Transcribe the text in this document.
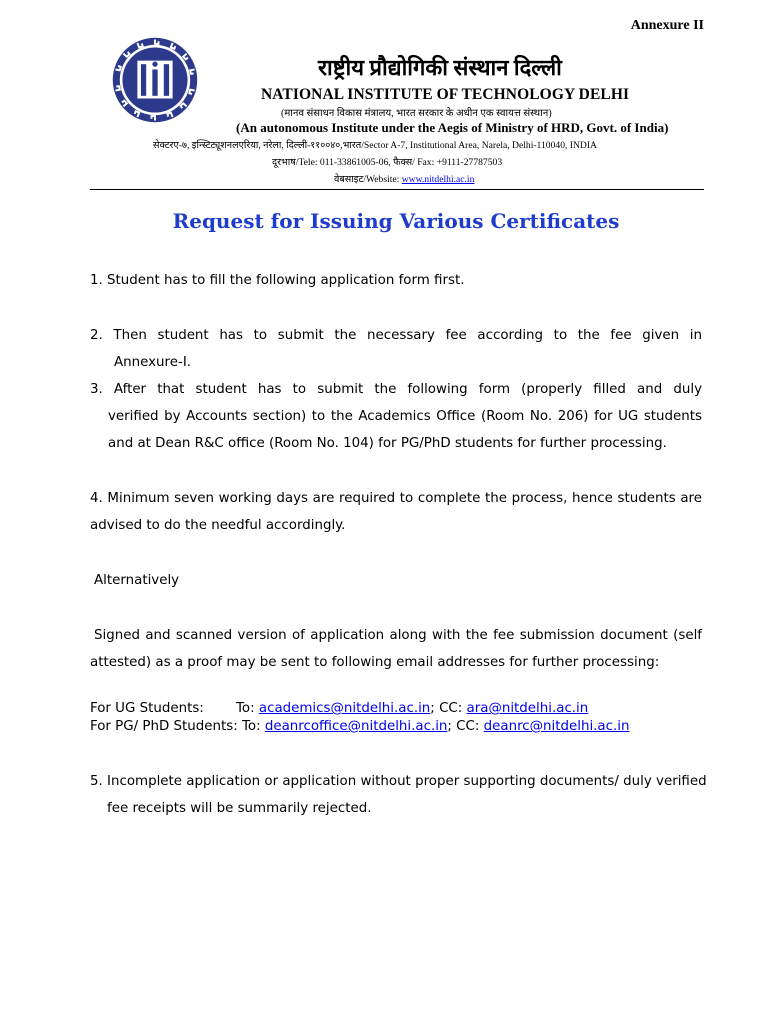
Annexure II
राष्ट्रीय प्रौद्योगिकी संस्थान दिल्ली
NATIONAL INSTITUTE OF TECHNOLOGY DELHI
(मानव संसाधन विकास मंत्रालय, भारत सरकार के अधीन एक स्वायत्त संस्थान)
(An autonomous Institute under the Aegis of Ministry of HRD, Govt. of India)
सेक्टरए-७, इन्स्टिट्यूशनलएरिया, नरेला, दिल्ली-११००४०,भारत/Sector A-7, Institutional Area, Narela, Delhi-110040, INDIA
दूरभाष/Tele: 011-33861005-06, फैक्स/ Fax: +9111-27787503
वेबसाइट/Website: www.nitdelhi.ac.in
Request for Issuing Various Certificates
1. Student has to fill the following application form first.
2. Then student has to submit the necessary fee according to the fee given in
Annexure-I.
3. After that student has to submit the following form (properly filled and duly
verified by Accounts section) to the Academics Office (Room No. 206) for UG students and at Dean R&C office (Room No. 104) for PG/PhD students for further processing.
4. Minimum seven working days are required to complete the process, hence students are advised to do the needful accordingly.
Alternatively
Signed and scanned version of application along with the fee submission document (self attested) as a proof may be sent to following email addresses for further processing:
For UG Students: To: academics@nitdelhi.ac.in; CC: ara@nitdelhi.ac.in
For PG/ PhD Students: To: deanrcoffice@nitdelhi.ac.in; CC: deanrc@nitdelhi.ac.in
5. Incomplete application or application without proper supporting documents/ duly verified
fee receipts will be summarily rejected.
